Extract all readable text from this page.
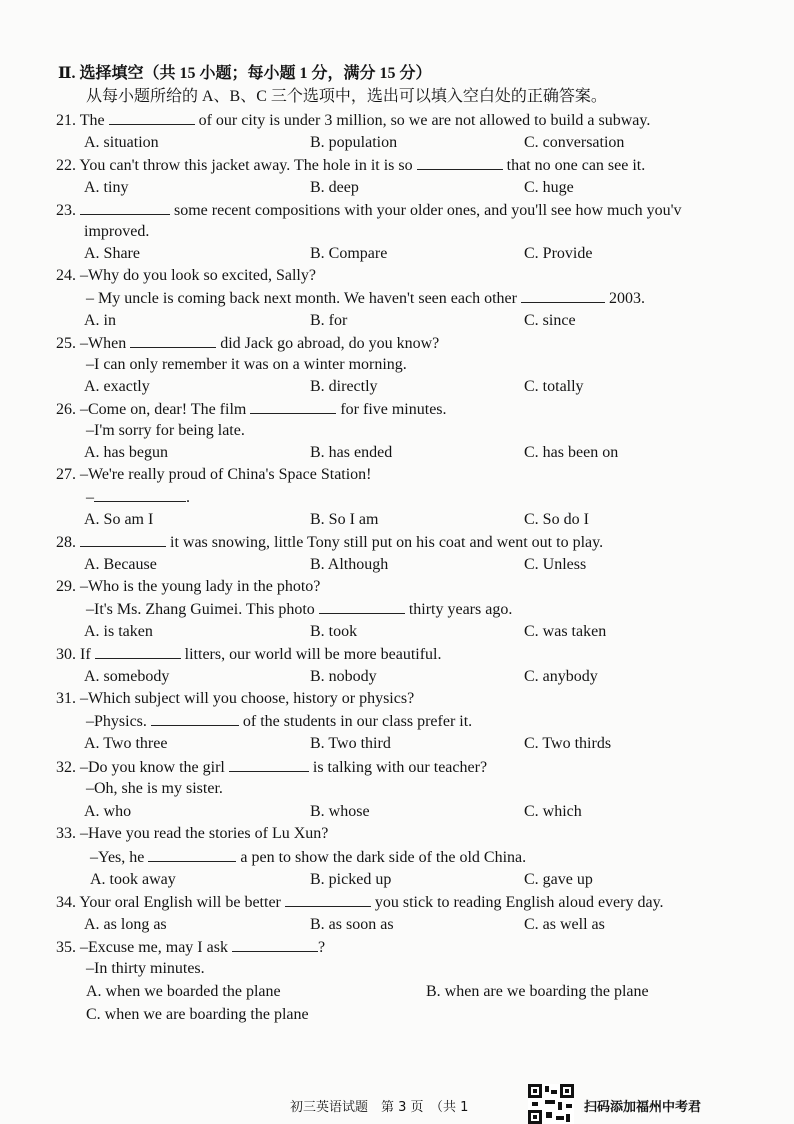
Ⅱ. 选择填空（共 15 小题；每小题 1 分，满分 15 分）
从每小题所给的 A、B、C 三个选项中，选出可以填入空白处的正确答案。
21. The	of our city is under 3 million, so we are not allowed to build a subway.
A. situation	B. population	C. conversation
22. You can't throw this jacket away. The hole in it is so	that no one can see it.
A. tiny	B. deep	C. huge
23.	some recent compositions with your older ones, and you'll see how much you'v
improved.
A. Share	B. Compare	C. Provide
24. –Why do you look so excited, Sally?
– My uncle is coming back next month. We haven't seen each other	2003.
A. in	B. for	C. since
25. –When	did Jack go abroad, do you know?
–I can only remember it was on a winter morning.
A. exactly	B. directly	C. totally
26. –Come on, dear! The film	for five minutes.
–I'm sorry for being late.
A. has begun	B. has ended	C. has been on
27. –We're really proud of China's Space Station!
–	.
A. So am I	B. So I am	C. So do I
28.	it was snowing, little Tony still put on his coat and went out to play.
A. Because	B. Although	C. Unless
29. –Who is the young lady in the photo?
–It's Ms. Zhang Guimei. This photo	thirty years ago.
A. is taken	B. took	C. was taken
30. If	litters, our world will be more beautiful.
A. somebody	B. nobody	C. anybody
31. –Which subject will you choose, history or physics?
–Physics.	of the students in our class prefer it.
A. Two three	B. Two third	C. Two thirds
32. –Do you know the girl	is talking with our teacher?
–Oh, she is my sister.
A. who	B. whose	C. which
33. –Have you read the stories of Lu Xun?
–Yes, he	a pen to show the dark side of the old China.
A. took away	B. picked up	C. gave up
34. Your oral English will be better	you stick to reading English aloud every day.
A. as long as	B. as soon as	C. as well as
35. –Excuse me, may I ask	?
–In thirty minutes.
A. when we boarded the plane	B. when are we boarding the plane
C. when we are boarding the plane
初三英语试题　第 3 页　（共 1	扫码添加福州中考君
